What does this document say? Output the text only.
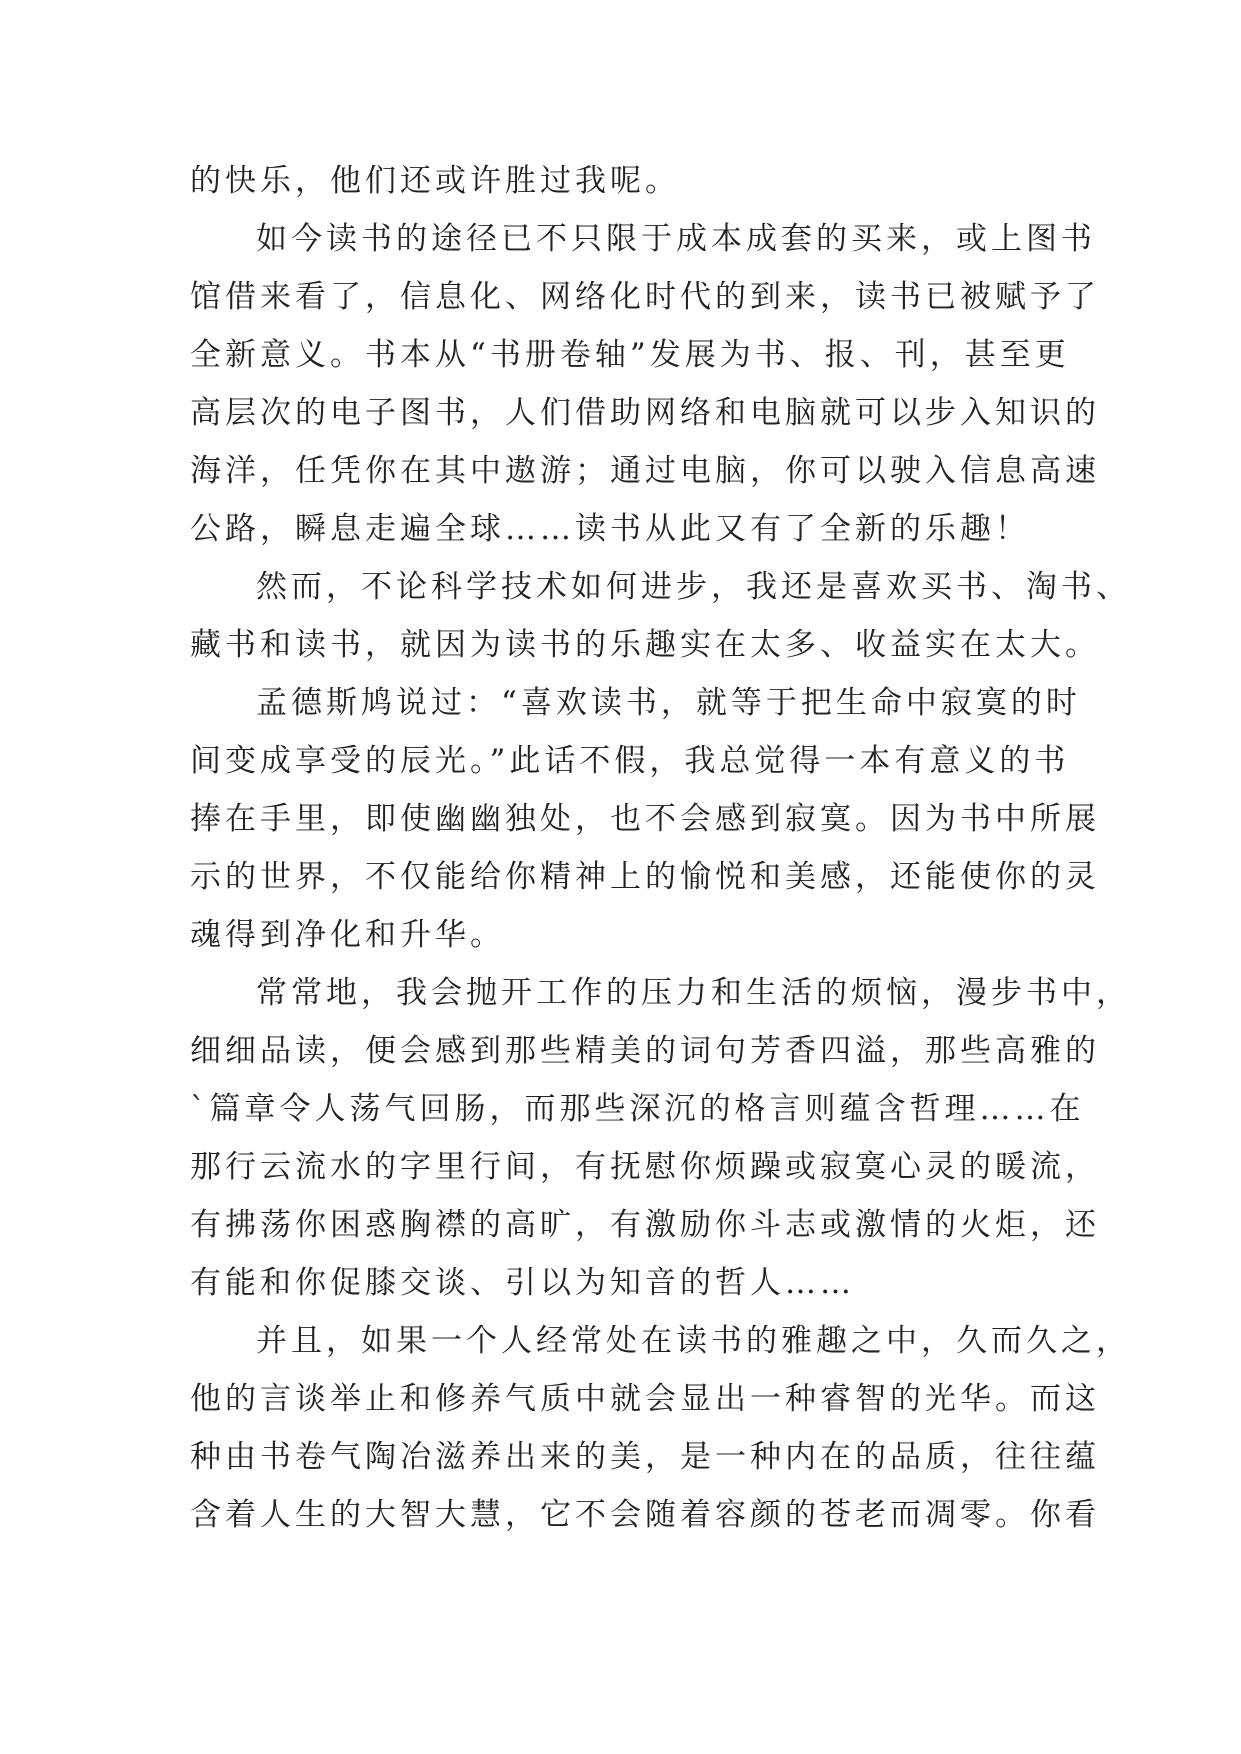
的快乐，他们还或许胜过我呢。
如今读书的途径已不只限于成本成套的买来，或上图书
馆借来看了，信息化、网络化时代的到来，读书已被赋予了
全新意义。书本从“书册卷轴”发展为书、报、刊，甚至更
高层次的电子图书，人们借助网络和电脑就可以步入知识的
海洋，任凭你在其中遨游；通过电脑，你可以驶入信息高速
公路，瞬息走遍全球……读书从此又有了全新的乐趣！
然而，不论科学技术如何进步，我还是喜欢买书、淘书、
藏书和读书，就因为读书的乐趣实在太多、收益实在太大。
孟德斯鸠说过：“喜欢读书，就等于把生命中寂寞的时
间变成享受的辰光。”此话不假，我总觉得一本有意义的书
捧在手里，即使幽幽独处，也不会感到寂寞。因为书中所展
示的世界，不仅能给你精神上的愉悦和美感，还能使你的灵
魂得到净化和升华。
常常地，我会抛开工作的压力和生活的烦恼，漫步书中，
细细品读，便会感到那些精美的词句芳香四溢，那些高雅的
`篇章令人荡气回肠，而那些深沉的格言则蕴含哲理……在
那行云流水的字里行间，有抚慰你烦躁或寂寞心灵的暖流，
有拂荡你困惑胸襟的高旷，有激励你斗志或激情的火炬，还
有能和你促膝交谈、引以为知音的哲人……
并且，如果一个人经常处在读书的雅趣之中，久而久之，
他的言谈举止和修养气质中就会显出一种睿智的光华。而这
种由书卷气陶冶滋养出来的美，是一种内在的品质，往往蕴
含着人生的大智大慧，它不会随着容颜的苍老而凋零。你看
